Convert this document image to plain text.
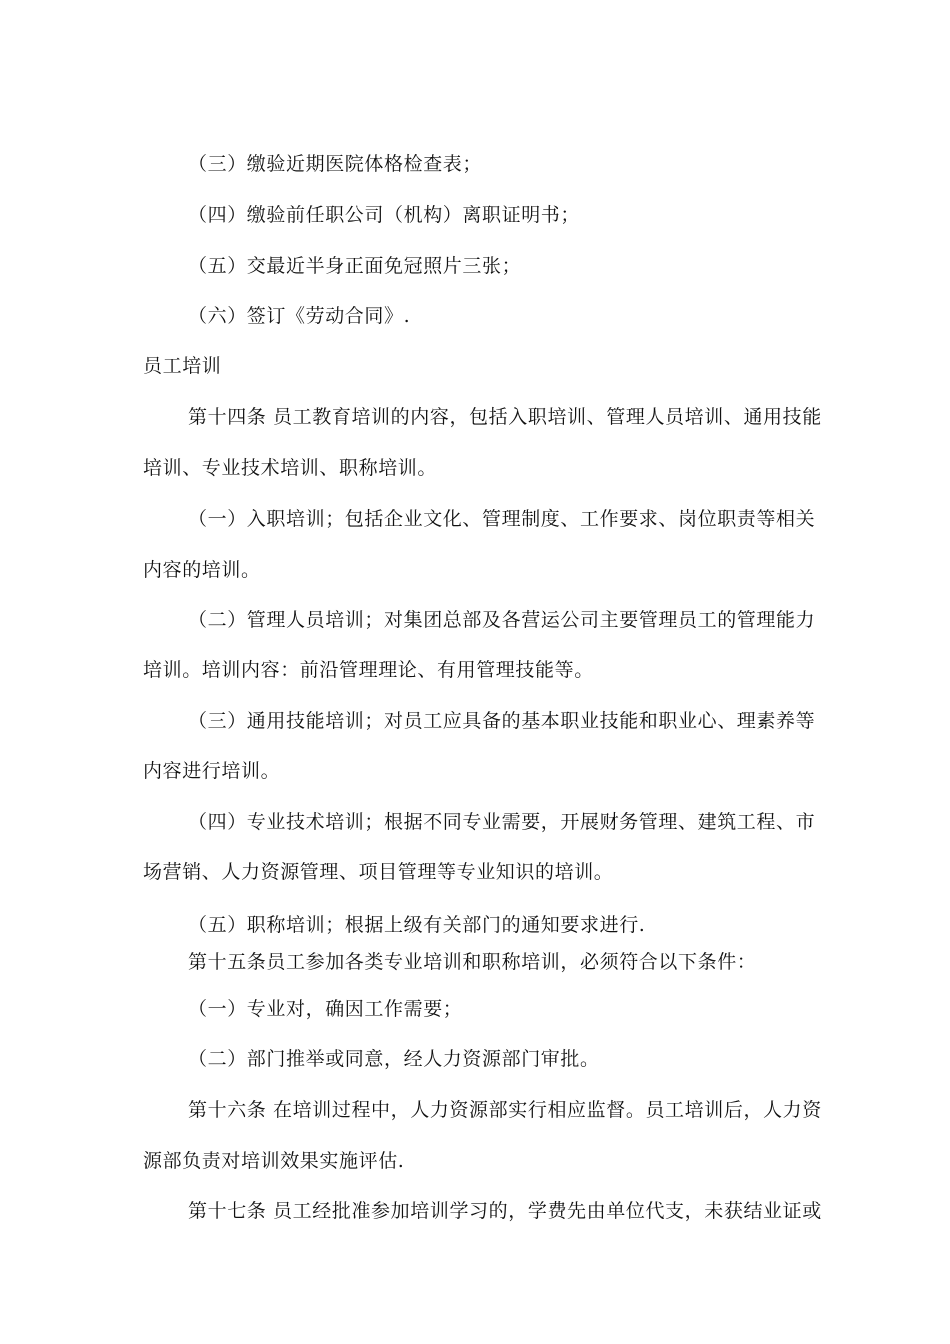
（三）缴验近期医院体格检查表；
（四）缴验前任职公司（机构）离职证明书；
（五）交最近半身正面免冠照片三张；
（六）签订《劳动合同》.
员工培训
第十四条 员工教育培训的内容，包括入职培训、管理人员培训、通用技能
培训、专业技术培训、职称培训。
（一）入职培训；包括企业文化、管理制度、工作要求、岗位职责等相关
内容的培训。
（二）管理人员培训；对集团总部及各营运公司主要管理员工的管理能力
培训。培训内容：前沿管理理论、有用管理技能等。
（三）通用技能培训；对员工应具备的基本职业技能和职业心、理素养等
内容进行培训。
（四）专业技术培训；根据不同专业需要，开展财务管理、建筑工程、市
场营销、人力资源管理、项目管理等专业知识的培训。
（五）职称培训；根据上级有关部门的通知要求进行.
第十五条员工参加各类专业培训和职称培训，必须符合以下条件：
（一）专业对，确因工作需要；
（二）部门推举或同意，经人力资源部门审批。
第十六条 在培训过程中，人力资源部实行相应监督。员工培训后，人力资
源部负责对培训效果实施评估.
第十七条 员工经批准参加培训学习的，学费先由单位代支，未获结业证或
